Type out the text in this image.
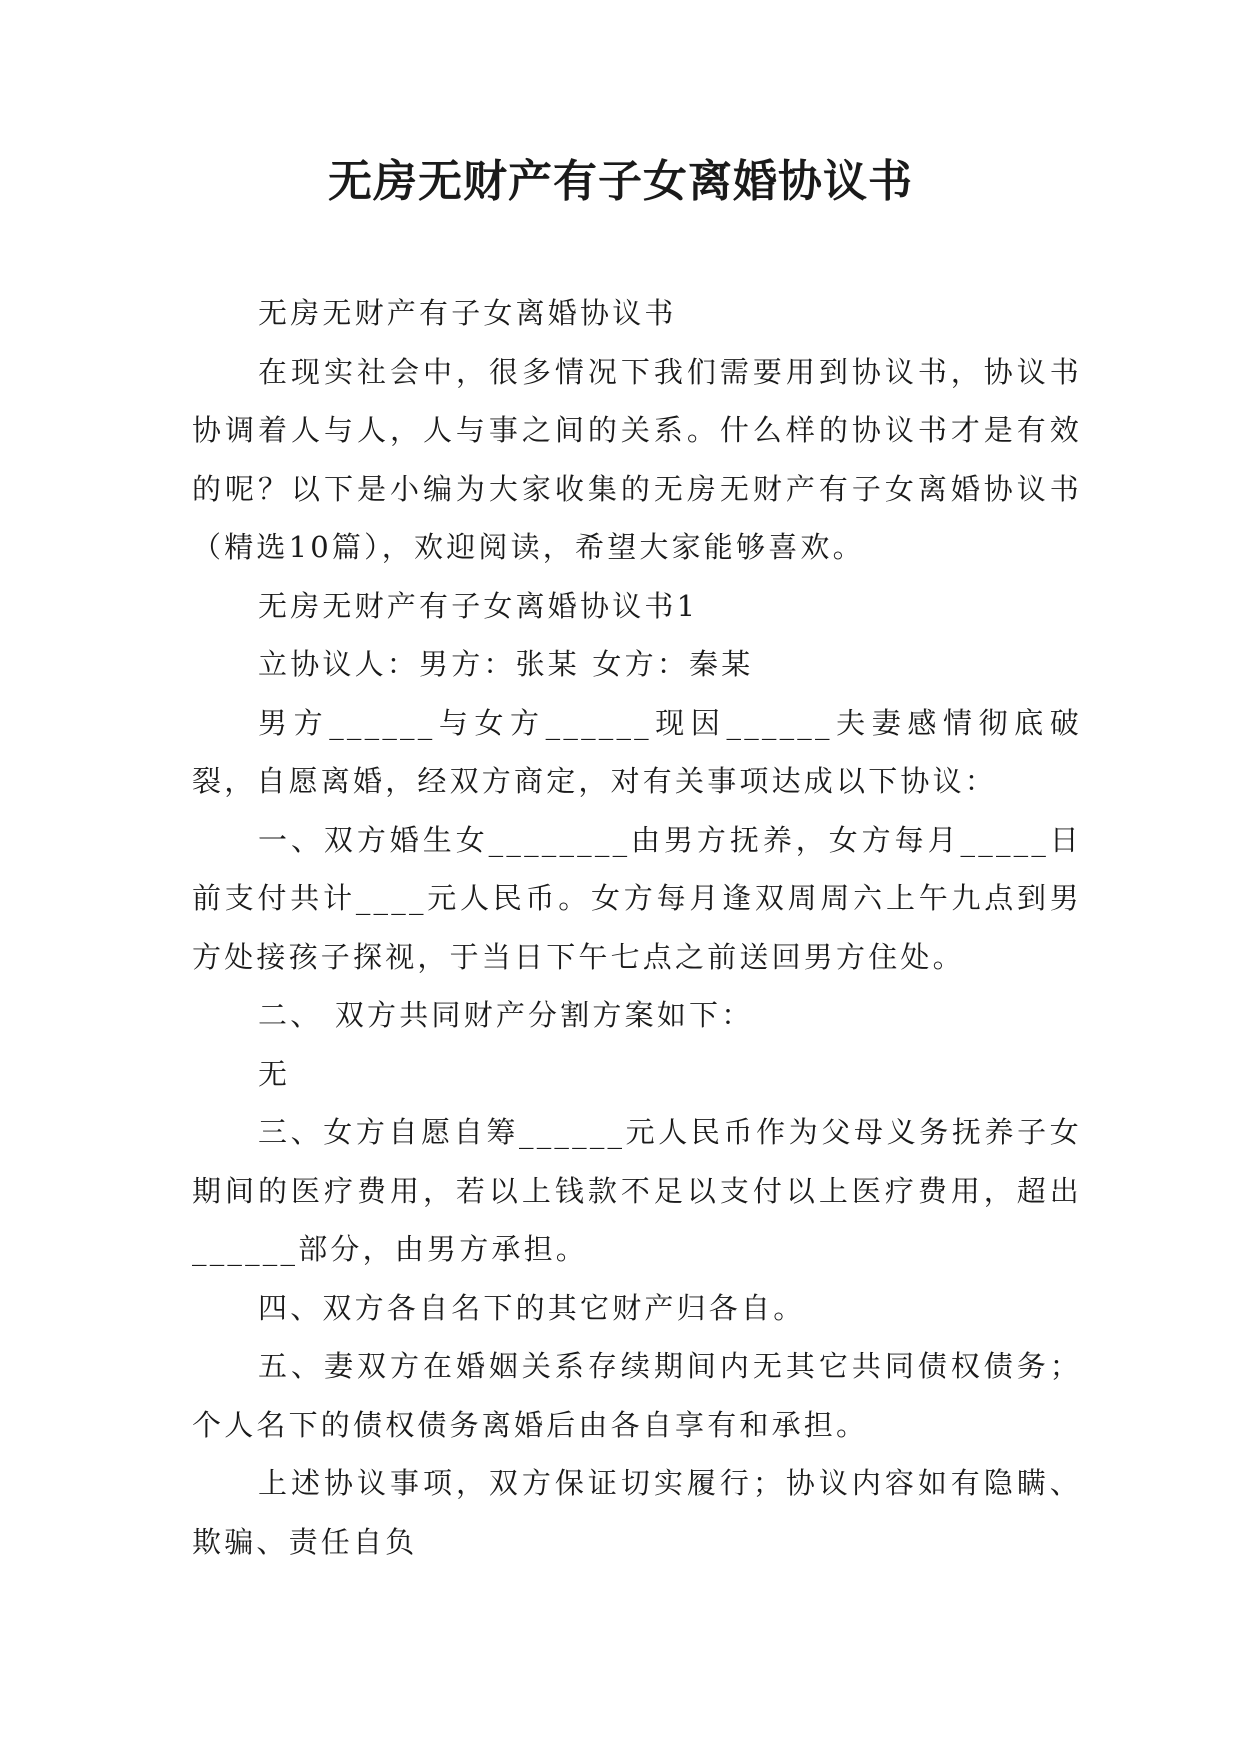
无房无财产有子女离婚协议书

无房无财产有子女离婚协议书

在现实社会中，很多情况下我们需要用到协议书，协议书协调着人与人，人与事之间的关系。什么样的协议书才是有效的呢？以下是小编为大家收集的无房无财产有子女离婚协议书（精选10篇），欢迎阅读，希望大家能够喜欢。

无房无财产有子女离婚协议书1

立协议人：男方：张某 女方：秦某

男方______与女方______现因______夫妻感情彻底破裂，自愿离婚，经双方商定，对有关事项达成以下协议：

一、双方婚生女________由男方抚养，女方每月_____日前支付共计____元人民币。女方每月逢双周周六上午九点到男方处接孩子探视，于当日下午七点之前送回男方住处。

二、 双方共同财产分割方案如下：

无

三、女方自愿自筹______元人民币作为父母义务抚养子女期间的医疗费用，若以上钱款不足以支付以上医疗费用，超出______部分，由男方承担。

四、双方各自名下的其它财产归各自。

五、妻双方在婚姻关系存续期间内无其它共同债权债务；个人名下的债权债务离婚后由各自享有和承担。

上述协议事项，双方保证切实履行；协议内容如有隐瞒、欺骗、责任自负
